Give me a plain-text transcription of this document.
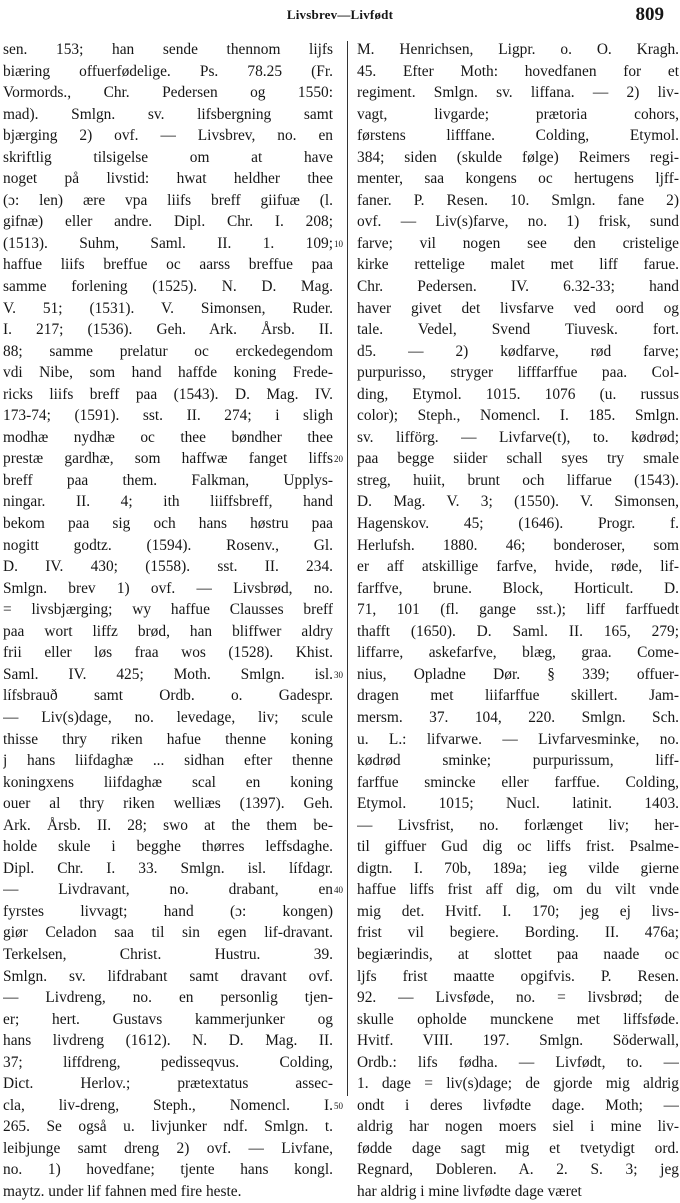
Livsbrev—Livfødt	809
sen. 153; han sende thennom lijfs
biæring offuerfødelige. Ps. 78.25 (Fr.
Vormords., Chr. Pedersen og 1550:
mad). Smlgn. sv. lifsbergning samt
bjærging 2) ovf. — Livsbrev, no. en
skriftlig tilsigelse om at have
noget på livstid: hwat heldher thee
(ɔ: len) ære vpa liifs breff giifuæ (l.
gifnæ) eller andre. Dipl. Chr. I. 208;
(1513). Suhm, Saml. II. 1. 109;
haffue liifs breffue oc aarss breffue paa
samme forlening (1525). N. D. Mag.
V. 51; (1531). V. Simonsen, Ruder.
I. 217; (1536). Geh. Ark. Årsb. II.
88; samme prelatur oc erckedegendom
vdi Nibe, som hand haffde koning Frede-
ricks liifs breff paa (1543). D. Mag. IV.
173-74; (1591). sst. II. 274; i sligh
modhæ nydhæ oc thee bøndher thee
prestæ gardhæ, som haffwæ fanget liffs
breff paa them. Falkman, Upplys-
ningar. II. 4; ith liiffsbreff, hand
bekom paa sig och hans høstru paa
nogitt godtz. (1594). Rosenv., Gl.
D. IV. 430; (1558). sst. II. 234.
Smlgn. brev 1) ovf. — Livsbrød, no.
= livsbjærging; wy haffue Clausses breff
paa wort liffz brød, han bliffwer aldry
frii eller løs fraa wos (1528). Khist.
Saml. IV. 425; Moth. Smlgn. isl.
lífsbrauð samt Ordb. o. Gadespr.
— Liv(s)dage, no. levedage, liv; scule
thisse thry riken hafue thenne koning
j hans liifdaghæ ... sidhan efter thenne
koningxens liifdaghæ scal en koning
ouer al thry riken welliæs (1397). Geh.
Ark. Årsb. II. 28; swo at the them be-
holde skule i begghe thørres leffsdaghe.
Dipl. Chr. I. 33. Smlgn. isl. lífdagr.
— Livdravant, no. drabant, en
fyrstes livvagt; hand (ɔ: kongen)
giør Celadon saa til sin egen lif-dravant.
Terkelsen, Christ. Hustru. 39.
Smlgn. sv. lifdrabant samt dravant ovf.
— Livdreng, no. en personlig tjen-
er; hert. Gustavs kammerjunker og
hans livdreng (1612). N. D. Mag. II.
37; liffdreng, pedisseqvus. Colding,
Dict. Herlov.; prætextatus assec-
cla, liv-dreng, Steph., Nomencl. I.
265. Se også u. livjunker ndf. Smlgn. t.
leibjunge samt dreng 2) ovf. — Livfane,
no. 1) hovedfane; tjente hans kongl.
maytz. under lif fahnen med fire heste.
10
20
30
40
50
M. Henrichsen, Ligpr. o. O. Kragh.
45. Efter Moth: hovedfanen for et
regiment. Smlgn. sv. liffana. — 2) liv-
vagt, livgarde; prætoria cohors,
førstens lifffane. Colding, Etymol.
384; siden (skulde følge) Reimers regi-
menter, saa kongens oc hertugens ljff-
faner. P. Resen. 10. Smlgn. fane 2)
ovf. — Liv(s)farve, no. 1) frisk, sund
farve; vil nogen see den cristelige
kirke rettelige malet met liff farue.
Chr. Pedersen. IV. 6.32-33; hand
haver givet det livsfarve ved oord og
tale. Vedel, Svend Tiuvesk. fort.
d5. — 2) kødfarve, rød farve;
purpurisso, stryger lifffarffue paa. Col-
ding, Etymol. 1015. 1076 (u. russus
color); Steph., Nomencl. I. 185. Smlgn.
sv. lifförg. — Livfarve(t), to. kødrød;
paa begge siider schall syes try smale
streg, huiit, brunt och liffarue (1543).
D. Mag. V. 3; (1550). V. Simonsen,
Hagenskov. 45; (1646). Progr. f.
Herlufsh. 1880. 46; bonderoser, som
er aff atskillige farfve, hvide, røde, lif-
farffve, brune. Block, Horticult. D.
71, 101 (fl. gange sst.); liff farffuedt
thafft (1650). D. Saml. II. 165, 279;
liffarre, askefarfve, blæg, graa. Come-
nius, Opladne Dør. § 339; offuer-
dragen met liifarffue skillert. Jam-
mersm. 37. 104, 220. Smlgn. Sch.
u. L.: lifvarwe. — Livfarvesminke, no.
kødrød sminke; purpurissum, liff-
farffue smincke eller farffue. Colding,
Etymol. 1015; Nucl. latinit. 1403.
— Livsfrist, no. forlænget liv; her-
til giffuer Gud dig oc liffs frist. Psalme-
digtn. I. 70b, 189a; ieg vilde gierne
haffue liffs frist aff dig, om du vilt vnde
mig det. Hvitf. I. 170; jeg ej livs-
frist vil begiere. Bording. II. 476a;
begiærindis, at slottet paa naade oc
ljfs frist maatte opgifvis. P. Resen.
92. — Livsføde, no. = livsbrød; de
skulle opholde munckene met liffsføde.
Hvitf. VIII. 197. Smlgn. Söderwall,
Ordb.: lifs fødha. — Livfødt, to. —
1. dage = liv(s)dage; de gjorde mig aldrig
ondt i deres livfødte dage. Moth; —
aldrig har nogen moers siel i mine liv-
fødde dage sagt mig et tvetydigt ord.
Regnard, Dobleren. A. 2. S. 3; jeg
har aldrig i mine livfødte dage været
